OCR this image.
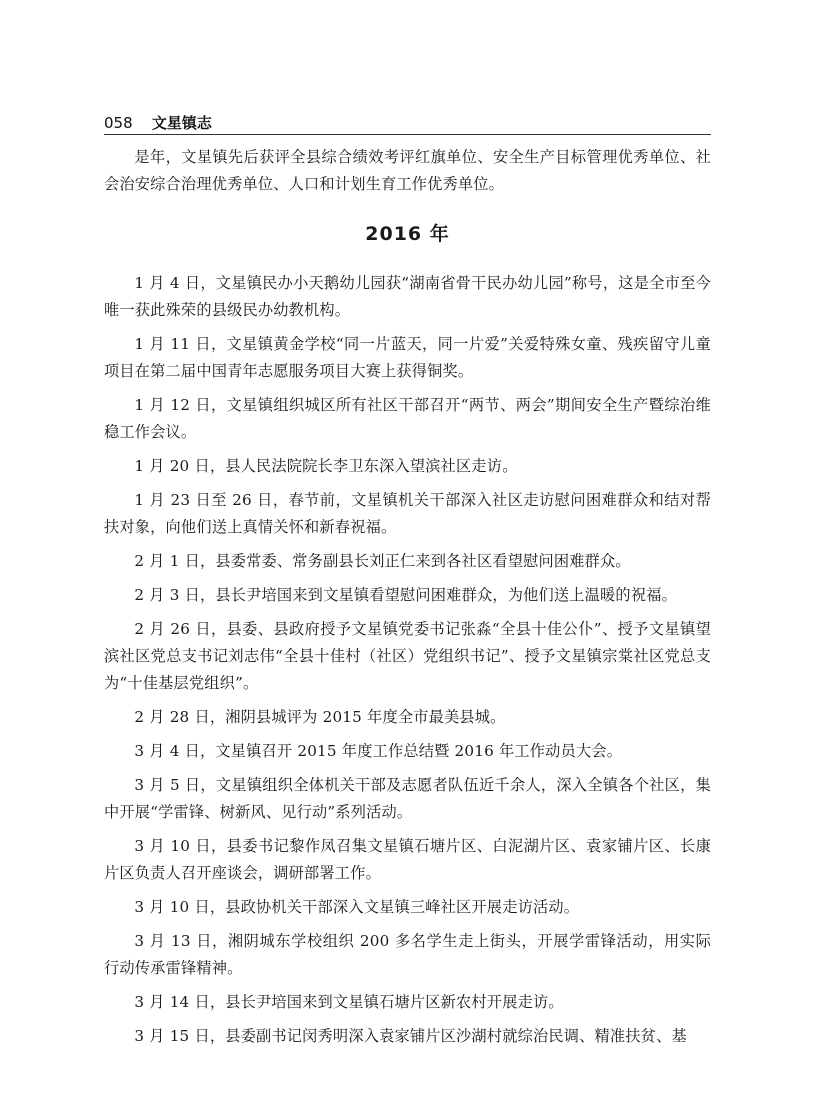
058 文星镇志

是年，文星镇先后获评全县综合绩效考评红旗单位、安全生产目标管理优秀单位、社会治安综合治理优秀单位、人口和计划生育工作优秀单位。

2016 年

1 月 4 日，文星镇民办小天鹅幼儿园获“湖南省骨干民办幼儿园”称号，这是全市至今唯一获此殊荣的县级民办幼教机构。

1 月 11 日，文星镇黄金学校“同一片蓝天，同一片爱”关爱特殊女童、残疾留守儿童项目在第二届中国青年志愿服务项目大赛上获得铜奖。

1 月 12 日，文星镇组织城区所有社区干部召开“两节、两会”期间安全生产暨综治维稳工作会议。

1 月 20 日，县人民法院院长李卫东深入望滨社区走访。

1 月 23 日至 26 日，春节前，文星镇机关干部深入社区走访慰问困难群众和结对帮扶对象，向他们送上真情关怀和新春祝福。

2 月 1 日，县委常委、常务副县长刘正仁来到各社区看望慰问困难群众。

2 月 3 日，县长尹培国来到文星镇看望慰问困难群众，为他们送上温暖的祝福。

2 月 26 日，县委、县政府授予文星镇党委书记张淼“全县十佳公仆”、授予文星镇望滨社区党总支书记刘志伟“全县十佳村（社区）党组织书记”、授予文星镇宗棠社区党总支为“十佳基层党组织”。

2 月 28 日，湘阴县城评为 2015 年度全市最美县城。

3 月 4 日，文星镇召开 2015 年度工作总结暨 2016 年工作动员大会。

3 月 5 日，文星镇组织全体机关干部及志愿者队伍近千余人，深入全镇各个社区，集中开展“学雷锋、树新风、见行动”系列活动。

3 月 10 日，县委书记黎作凤召集文星镇石塘片区、白泥湖片区、袁家铺片区、长康片区负责人召开座谈会，调研部署工作。

3 月 10 日，县政协机关干部深入文星镇三峰社区开展走访活动。

3 月 13 日，湘阴城东学校组织 200 多名学生走上街头，开展学雷锋活动，用实际行动传承雷锋精神。

3 月 14 日，县长尹培国来到文星镇石塘片区新农村开展走访。

3 月 15 日，县委副书记闵秀明深入袁家铺片区沙湖村就综治民调、精准扶贫、基
